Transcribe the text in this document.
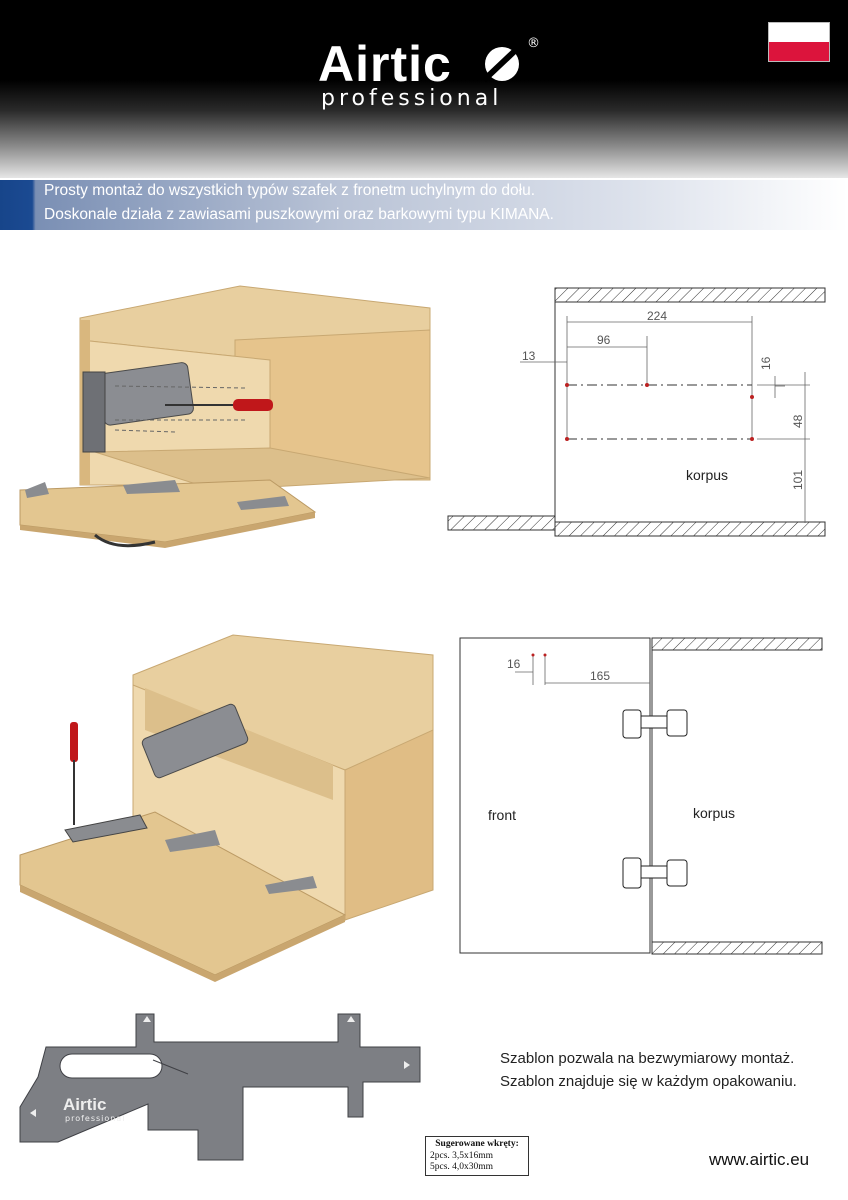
Airtic	®
professional
Prosty montaż do wszystkich typów szafek z fronetm uchylnym do dołu.
Doskonale działa z zawiasami puszkowymi oraz barkowymi typu KIMANA.
224
96
13
16
48
101
korpus
16
165
front	korpus
Airtic
professional
Szablon pozwala na bezwymiarowy montaż.
Szablon znajduje się w każdym opakowaniu.
Sugerowane wkręty:
2pcs. 3,5x16mm
5pcs. 4,0x30mm	www.airtic.eu
